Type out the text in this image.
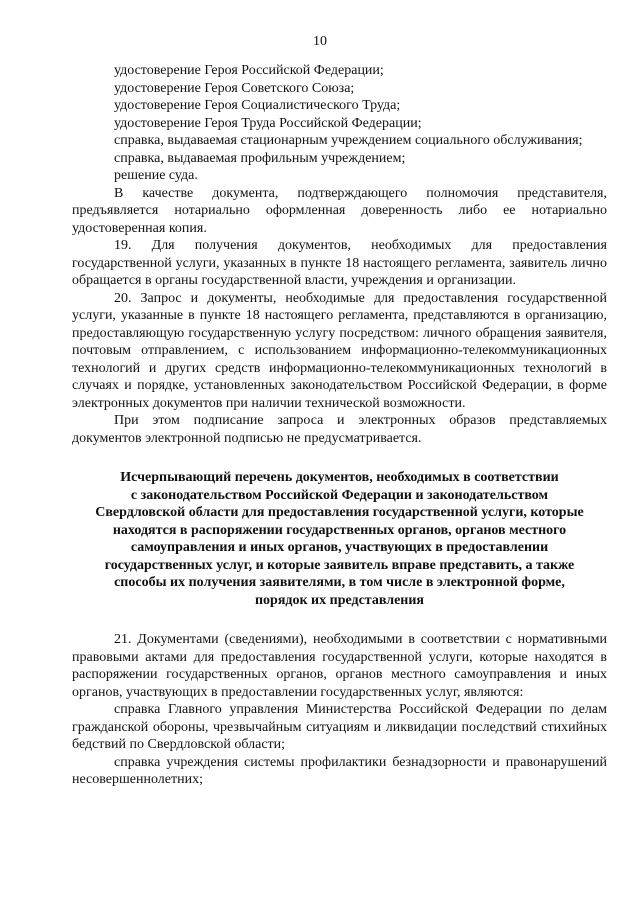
10

удостоверение Героя Российской Федерации;

удостоверение Героя Советского Союза;

удостоверение Героя Социалистического Труда;

удостоверение Героя Труда Российской Федерации;

справка, выдаваемая стационарным учреждением социального обслуживания;

справка, выдаваемая профильным учреждением;

решение суда.

В качестве документа, подтверждающего полномочия представителя, предъявляется нотариально оформленная доверенность либо ее нотариально удостоверенная копия.

19. Для получения документов, необходимых для предоставления государственной услуги, указанных в пункте 18 настоящего регламента, заявитель лично обращается в органы государственной власти, учреждения и организации.

20. Запрос и документы, необходимые для предоставления государственной услуги, указанные в пункте 18 настоящего регламента, представляются в организацию, предоставляющую государственную услугу посредством: личного обращения заявителя, почтовым отправлением, с использованием информационно-телекоммуникационных технологий и других средств информационно-телекоммуникационных технологий в случаях и порядке, установленных законодательством Российской Федерации, в форме электронных документов при наличии технической возможности.

При этом подписание запроса и электронных образов представляемых документов электронной подписью не предусматривается.

Исчерпывающий перечень документов, необходимых в соответствии
с законодательством Российской Федерации и законодательством
Свердловской области для предоставления государственной услуги, которые
находятся в распоряжении государственных органов, органов местного
самоуправления и иных органов, участвующих в предоставлении
государственных услуг, и которые заявитель вправе представить, а также
способы их получения заявителями, в том числе в электронной форме,
порядок их представления

21. Документами (сведениями), необходимыми в соответствии с нормативными правовыми актами для предоставления государственной услуги, которые находятся в распоряжении государственных органов, органов местного самоуправления и иных органов, участвующих в предоставлении государственных услуг, являются:

справка Главного управления Министерства Российской Федерации по делам гражданской обороны, чрезвычайным ситуациям и ликвидации последствий стихийных бедствий по Свердловской области;

справка учреждения системы профилактики безнадзорности и правонарушений несовершеннолетних;
